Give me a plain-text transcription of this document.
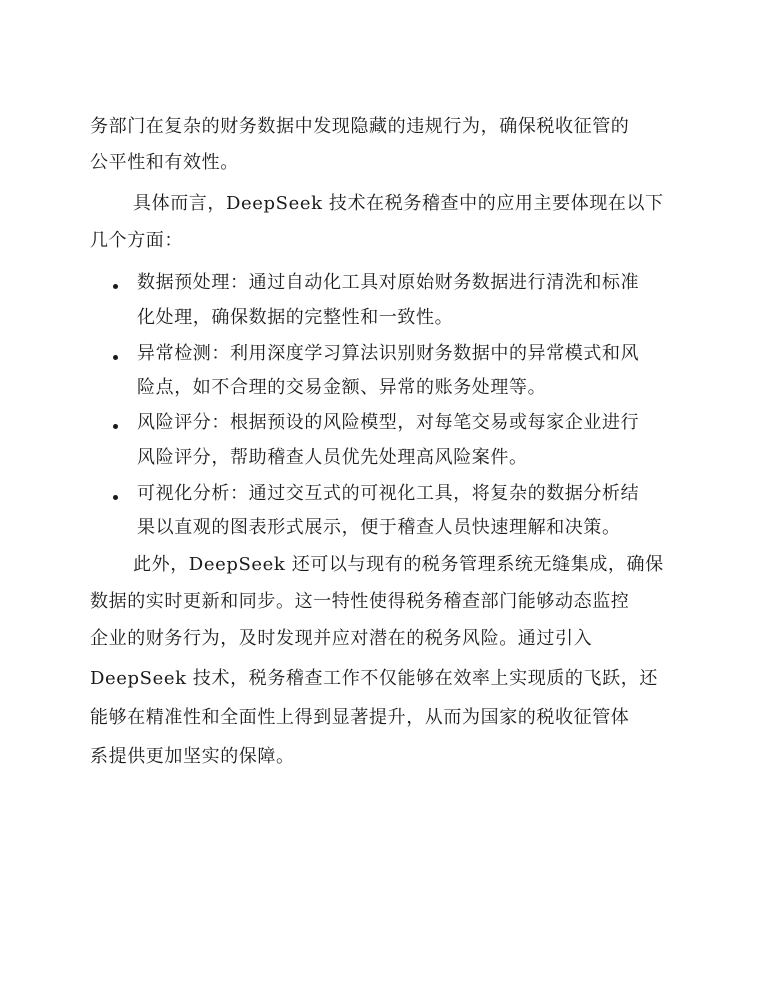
务部门在复杂的财务数据中发现隐藏的违规行为，确保税收征管的
公平性和有效性。
具体而言，DeepSeek 技术在税务稽查中的应用主要体现在以下
几个方面：
数据预处理：通过自动化工具对原始财务数据进行清洗和标准
化处理，确保数据的完整性和一致性。
异常检测：利用深度学习算法识别财务数据中的异常模式和风
险点，如不合理的交易金额、异常的账务处理等。
风险评分：根据预设的风险模型，对每笔交易或每家企业进行
风险评分，帮助稽查人员优先处理高风险案件。
可视化分析：通过交互式的可视化工具，将复杂的数据分析结
果以直观的图表形式展示，便于稽查人员快速理解和决策。
此外，DeepSeek 还可以与现有的税务管理系统无缝集成，确保
数据的实时更新和同步。这一特性使得税务稽查部门能够动态监控
企业的财务行为，及时发现并应对潜在的税务风险。通过引入
DeepSeek 技术，税务稽查工作不仅能够在效率上实现质的飞跃，还
能够在精准性和全面性上得到显著提升，从而为国家的税收征管体
系提供更加坚实的保障。
